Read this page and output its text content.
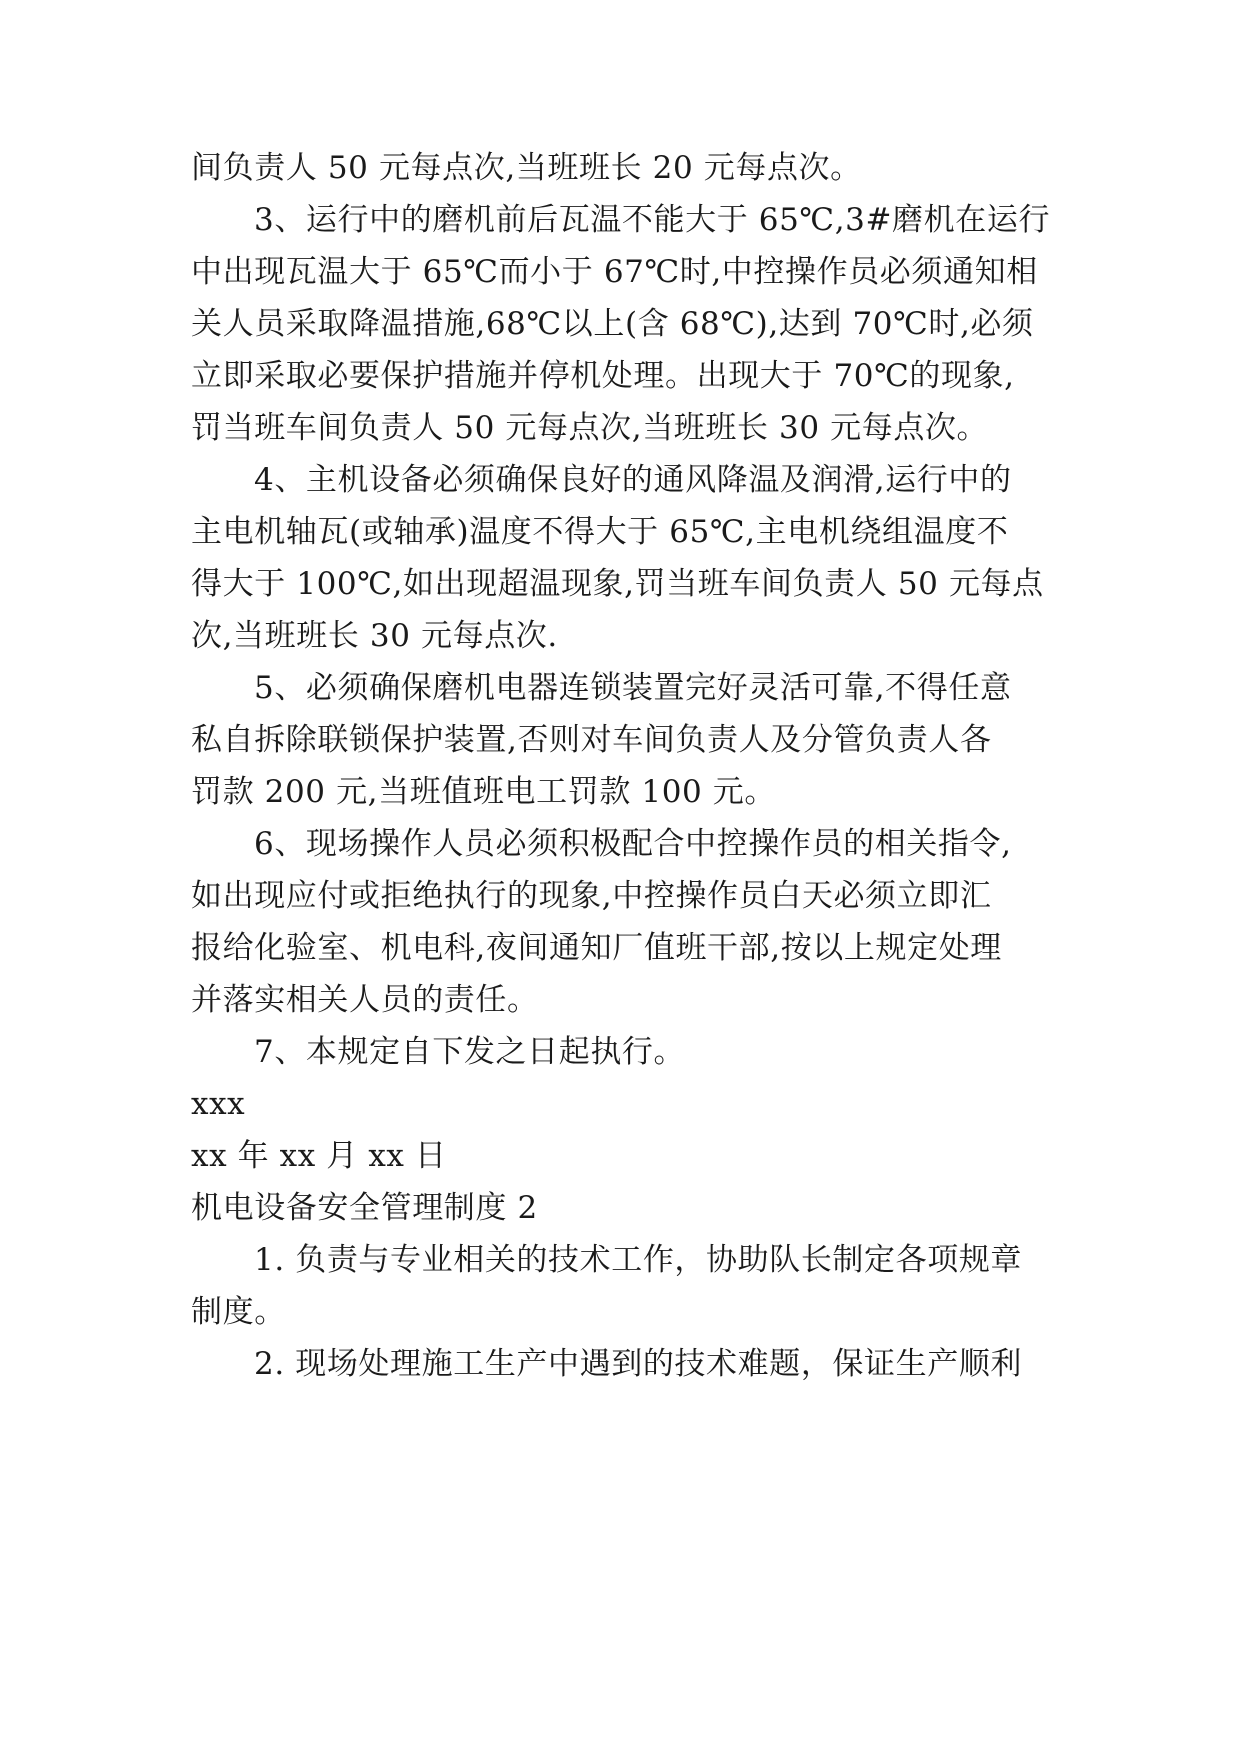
间负责人 50 元每点次,当班班长 20 元每点次。
3、运行中的磨机前后瓦温不能大于 65℃,3#磨机在运行
中出现瓦温大于 65℃而小于 67℃时,中控操作员必须通知相
关人员采取降温措施,68℃以上(含 68℃),达到 70℃时,必须
立即采取必要保护措施并停机处理。出现大于 70℃的现象,
罚当班车间负责人 50 元每点次,当班班长 30 元每点次。
4、主机设备必须确保良好的通风降温及润滑,运行中的
主电机轴瓦(或轴承)温度不得大于 65℃,主电机绕组温度不
得大于 100℃,如出现超温现象,罚当班车间负责人 50 元每点
次,当班班长 30 元每点次.
5、必须确保磨机电器连锁装置完好灵活可靠,不得任意
私自拆除联锁保护装置,否则对车间负责人及分管负责人各
罚款 200 元,当班值班电工罚款 100 元。
6、现场操作人员必须积极配合中控操作员的相关指令,
如出现应付或拒绝执行的现象,中控操作员白天必须立即汇
报给化验室、机电科,夜间通知厂值班干部,按以上规定处理
并落实相关人员的责任。
7、本规定自下发之日起执行。
xxx
xx 年 xx 月 xx 日
机电设备安全管理制度 2
1. 负责与专业相关的技术工作，协助队长制定各项规章
制度。
2. 现场处理施工生产中遇到的技术难题，保证生产顺利
